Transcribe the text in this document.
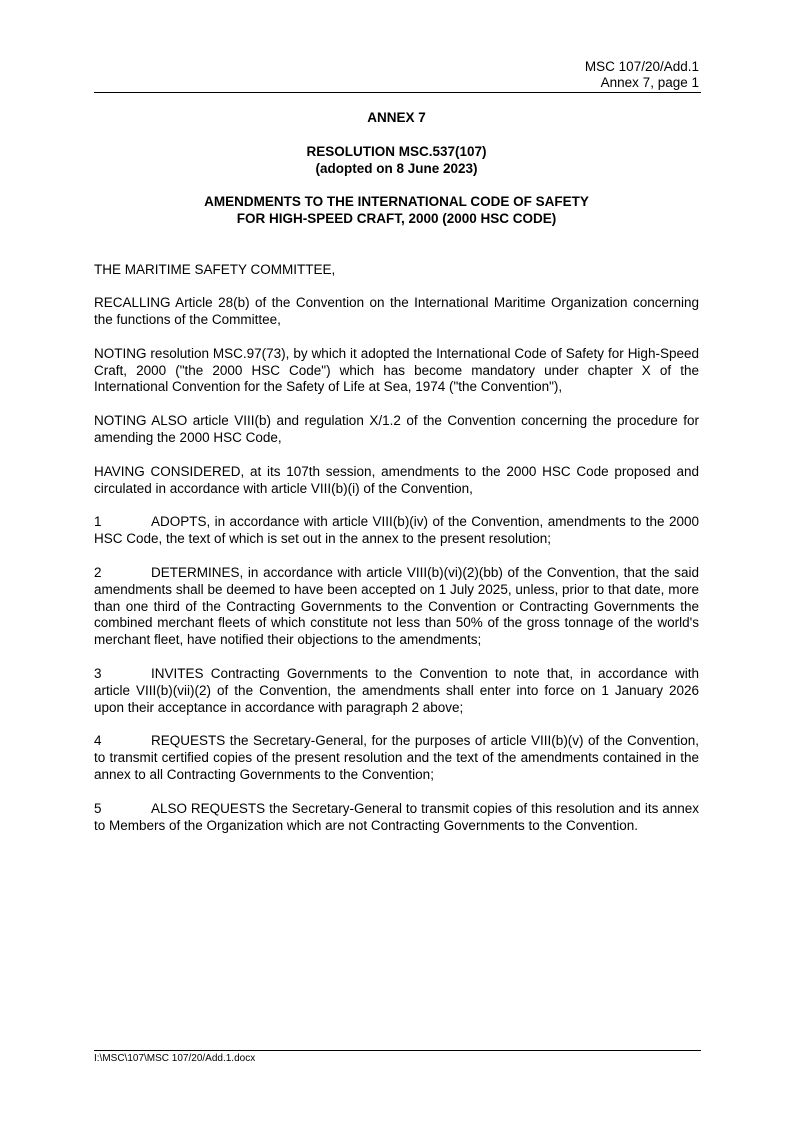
MSC 107/20/Add.1
Annex 7, page 1
ANNEX 7
RESOLUTION MSC.537(107)
(adopted on 8 June 2023)
AMENDMENTS TO THE INTERNATIONAL CODE OF SAFETY
FOR HIGH-SPEED CRAFT, 2000 (2000 HSC CODE)

THE MARITIME SAFETY COMMITTEE,

RECALLING Article 28(b) of the Convention on the International Maritime Organization concerning the functions of the Committee,

NOTING resolution MSC.97(73), by which it adopted the International Code of Safety for High-Speed Craft, 2000 ("the 2000 HSC Code") which has become mandatory under chapter X of the International Convention for the Safety of Life at Sea, 1974 ("the Convention"),

NOTING ALSO article VIII(b) and regulation X/1.2 of the Convention concerning the procedure for amending the 2000 HSC Code,

HAVING CONSIDERED, at its 107th session, amendments to the 2000 HSC Code proposed and circulated in accordance with article VIII(b)(i) of the Convention,

1	ADOPTS, in accordance with article VIII(b)(iv) of the Convention, amendments to the 2000 HSC Code, the text of which is set out in the annex to the present resolution;

2	DETERMINES, in accordance with article VIII(b)(vi)(2)(bb) of the Convention, that the said amendments shall be deemed to have been accepted on 1 July 2025, unless, prior to that date, more than one third of the Contracting Governments to the Convention or Contracting Governments the combined merchant fleets of which constitute not less than 50% of the gross tonnage of the world's merchant fleet, have notified their objections to the amendments;

3	INVITES Contracting Governments to the Convention to note that, in accordance with article VIII(b)(vii)(2) of the Convention, the amendments shall enter into force on 1 January 2026 upon their acceptance in accordance with paragraph 2 above;

4	REQUESTS the Secretary-General, for the purposes of article VIII(b)(v) of the Convention, to transmit certified copies of the present resolution and the text of the amendments contained in the annex to all Contracting Governments to the Convention;

5	ALSO REQUESTS the Secretary-General to transmit copies of this resolution and its annex to Members of the Organization which are not Contracting Governments to the Convention.

I:\MSC\107\MSC 107/20/Add.1.docx
